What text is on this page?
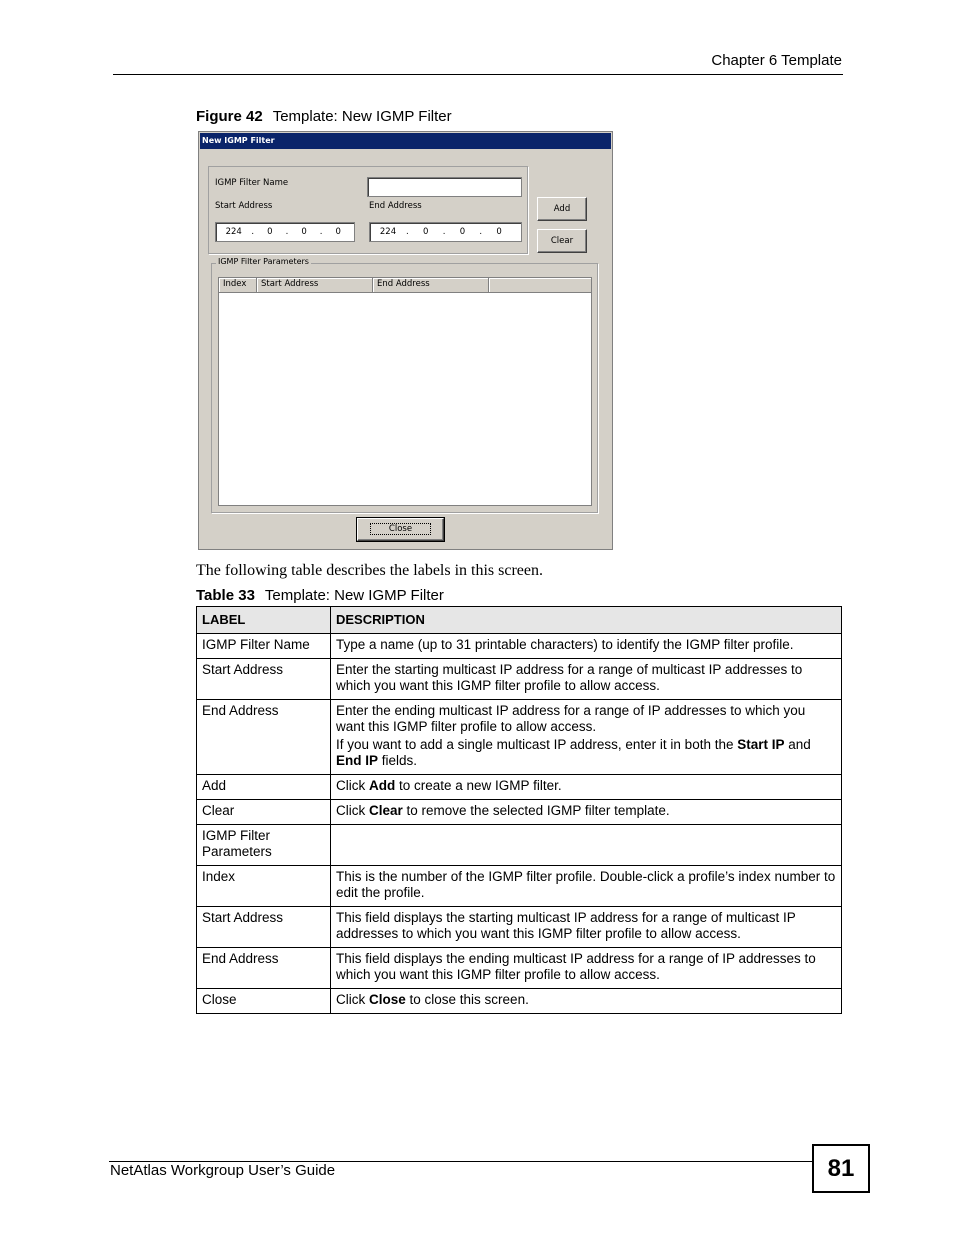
Chapter 6 Template
Figure 42 Template: New IGMP Filter
New IGMP Filter
IGMP Filter Name
Start Address	End Address
224	.	0	.	0	.	0	224	.	0	.	0	.	0
Add
Clear
IGMP Filter Parameters
Index	Start Address	End Address
Close
The following table describes the labels in this screen.
Table 33 Template: New IGMP Filter
LABEL	DESCRIPTION
IGMP Filter Name	Type a name (up to 31 printable characters) to identify the IGMP filter profile.
Start Address	Enter the starting multicast IP address for a range of multicast IP addresses to which you want this IGMP filter profile to allow access.
End Address	Enter the ending multicast IP address for a range of IP addresses to which you want this IGMP filter profile to allow access.

If you want to add a single multicast IP address, enter it in both the Start IP and End IP fields.

Add	Click Add to create a new IGMP filter.
Clear	Click Clear to remove the selected IGMP filter template.
IGMP Filter Parameters	
Index	This is the number of the IGMP filter profile. Double-click a profile’s index number to edit the profile.
Start Address	This field displays the starting multicast IP address for a range of multicast IP addresses to which you want this IGMP filter profile to allow access.
End Address	This field displays the ending multicast IP address for a range of IP addresses to which you want this IGMP filter profile to allow access.
Close	Click Close to close this screen.
NetAtlas Workgroup User’s Guide	81
